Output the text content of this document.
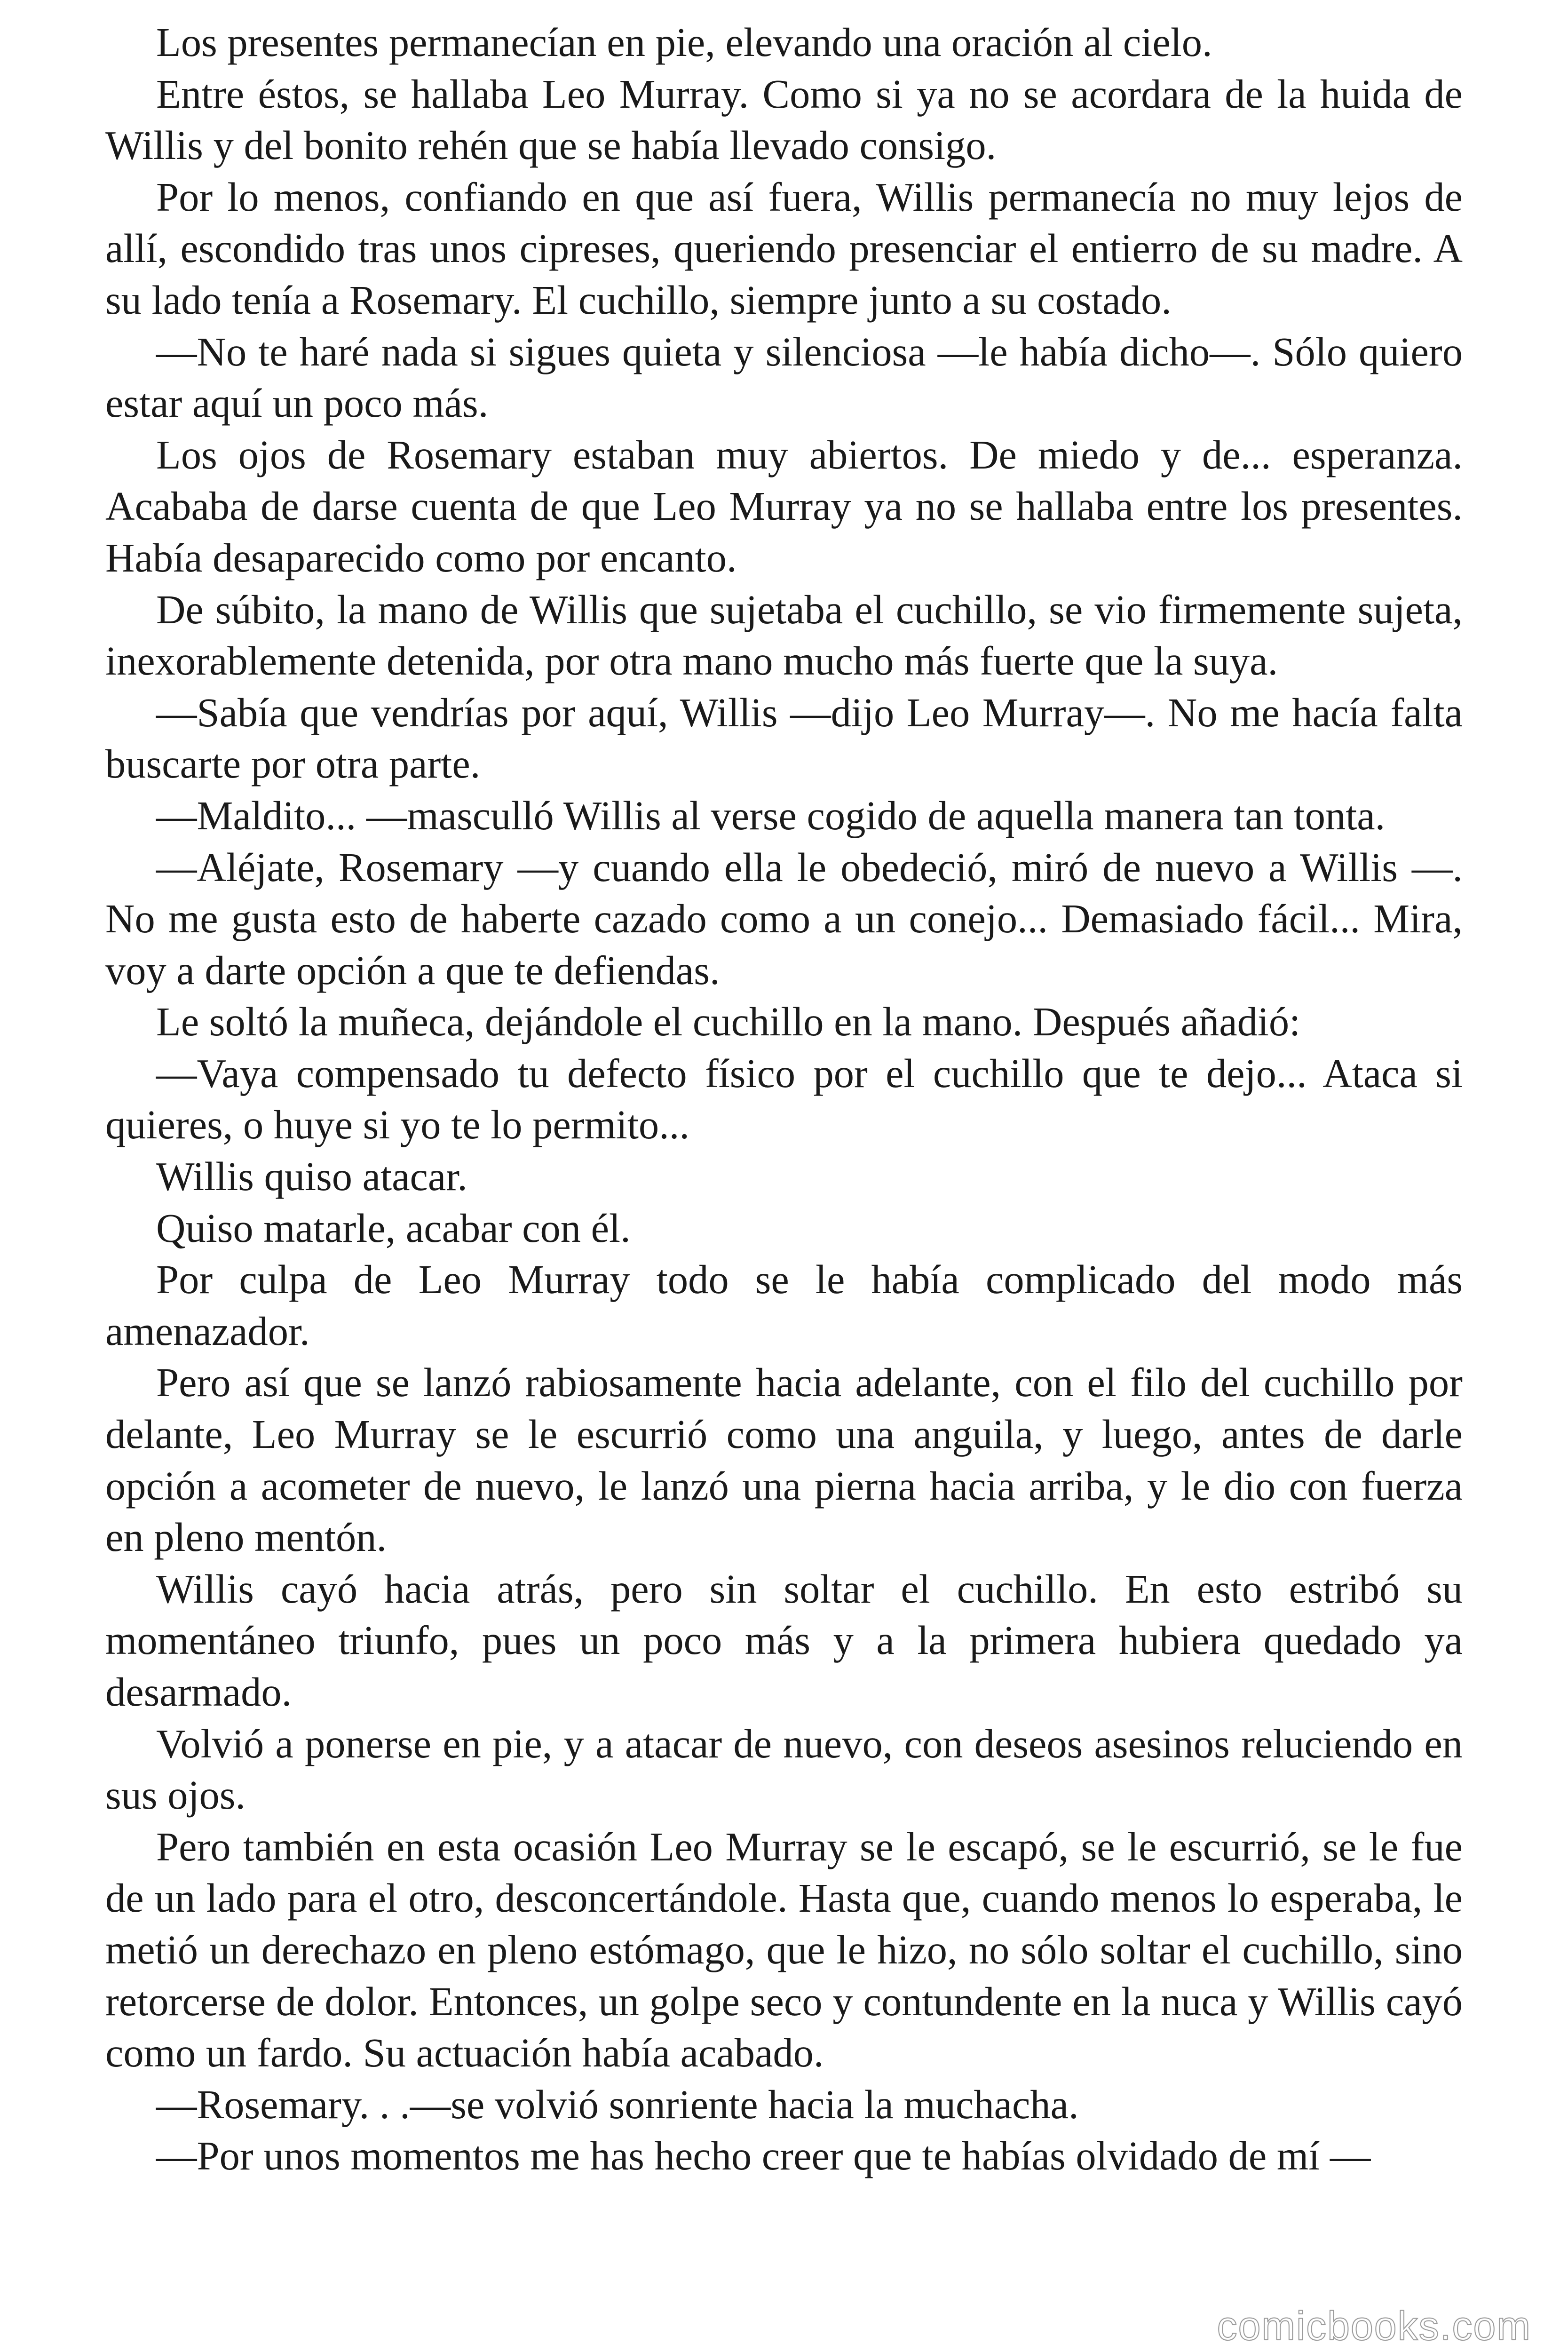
Los presentes permanecían en pie, elevando una oración al cielo.

Entre éstos, se hallaba Leo Murray. Como si ya no se acordara de la huida de Willis y del bonito rehén que se había llevado consigo.

Por lo menos, confiando en que así fuera, Willis permanecía no muy lejos de allí, escondido tras unos cipreses, queriendo presenciar el entierro de su madre. A su lado tenía a Rosemary. El cuchillo, siempre junto a su costado.

—No te haré nada si sigues quieta y silenciosa —le había dicho—. Sólo quiero estar aquí un poco más.

Los ojos de Rosemary estaban muy abiertos. De miedo y de... esperanza. Acababa de darse cuenta de que Leo Murray ya no se hallaba entre los presentes. Había desaparecido como por encanto.

De súbito, la mano de Willis que sujetaba el cuchillo, se vio firmemente sujeta, inexorablemente detenida, por otra mano mucho más fuerte que la suya.

—Sabía que vendrías por aquí, Willis —dijo Leo Murray—. No me hacía falta buscarte por otra parte.

—Maldito... —masculló Willis al verse cogido de aquella manera tan tonta.

—Aléjate, Rosemary —y cuando ella le obedeció, miró de nuevo a Willis —. No me gusta esto de haberte cazado como a un conejo... Demasiado fácil... Mira, voy a darte opción a que te defiendas.

Le soltó la muñeca, dejándole el cuchillo en la mano. Después añadió:

—Vaya compensado tu defecto físico por el cuchillo que te dejo... Ataca si quieres, o huye si yo te lo permito...

Willis quiso atacar.

Quiso matarle, acabar con él.

Por culpa de Leo Murray todo se le había complicado del modo más amenazador.

Pero así que se lanzó rabiosamente hacia adelante, con el filo del cuchillo por delante, Leo Murray se le escurrió como una anguila, y luego, antes de darle opción a acometer de nuevo, le lanzó una pierna hacia arriba, y le dio con fuerza en pleno mentón.

Willis cayó hacia atrás, pero sin soltar el cuchillo. En esto estribó su momentáneo triunfo, pues un poco más y a la primera hubiera quedado ya desarmado.

Volvió a ponerse en pie, y a atacar de nuevo, con deseos asesinos reluciendo en sus ojos.

Pero también en esta ocasión Leo Murray se le escapó, se le escurrió, se le fue de un lado para el otro, desconcertándole. Hasta que, cuando menos lo esperaba, le metió un derechazo en pleno estómago, que le hizo, no sólo soltar el cuchillo, sino retorcerse de dolor. Entonces, un golpe seco y contundente en la nuca y Willis cayó como un fardo. Su actuación había acabado.

—Rosemary. . .—se volvió sonriente hacia la muchacha.

—Por unos momentos me has hecho creer que te habías olvidado de mí —

comicbooks.com
